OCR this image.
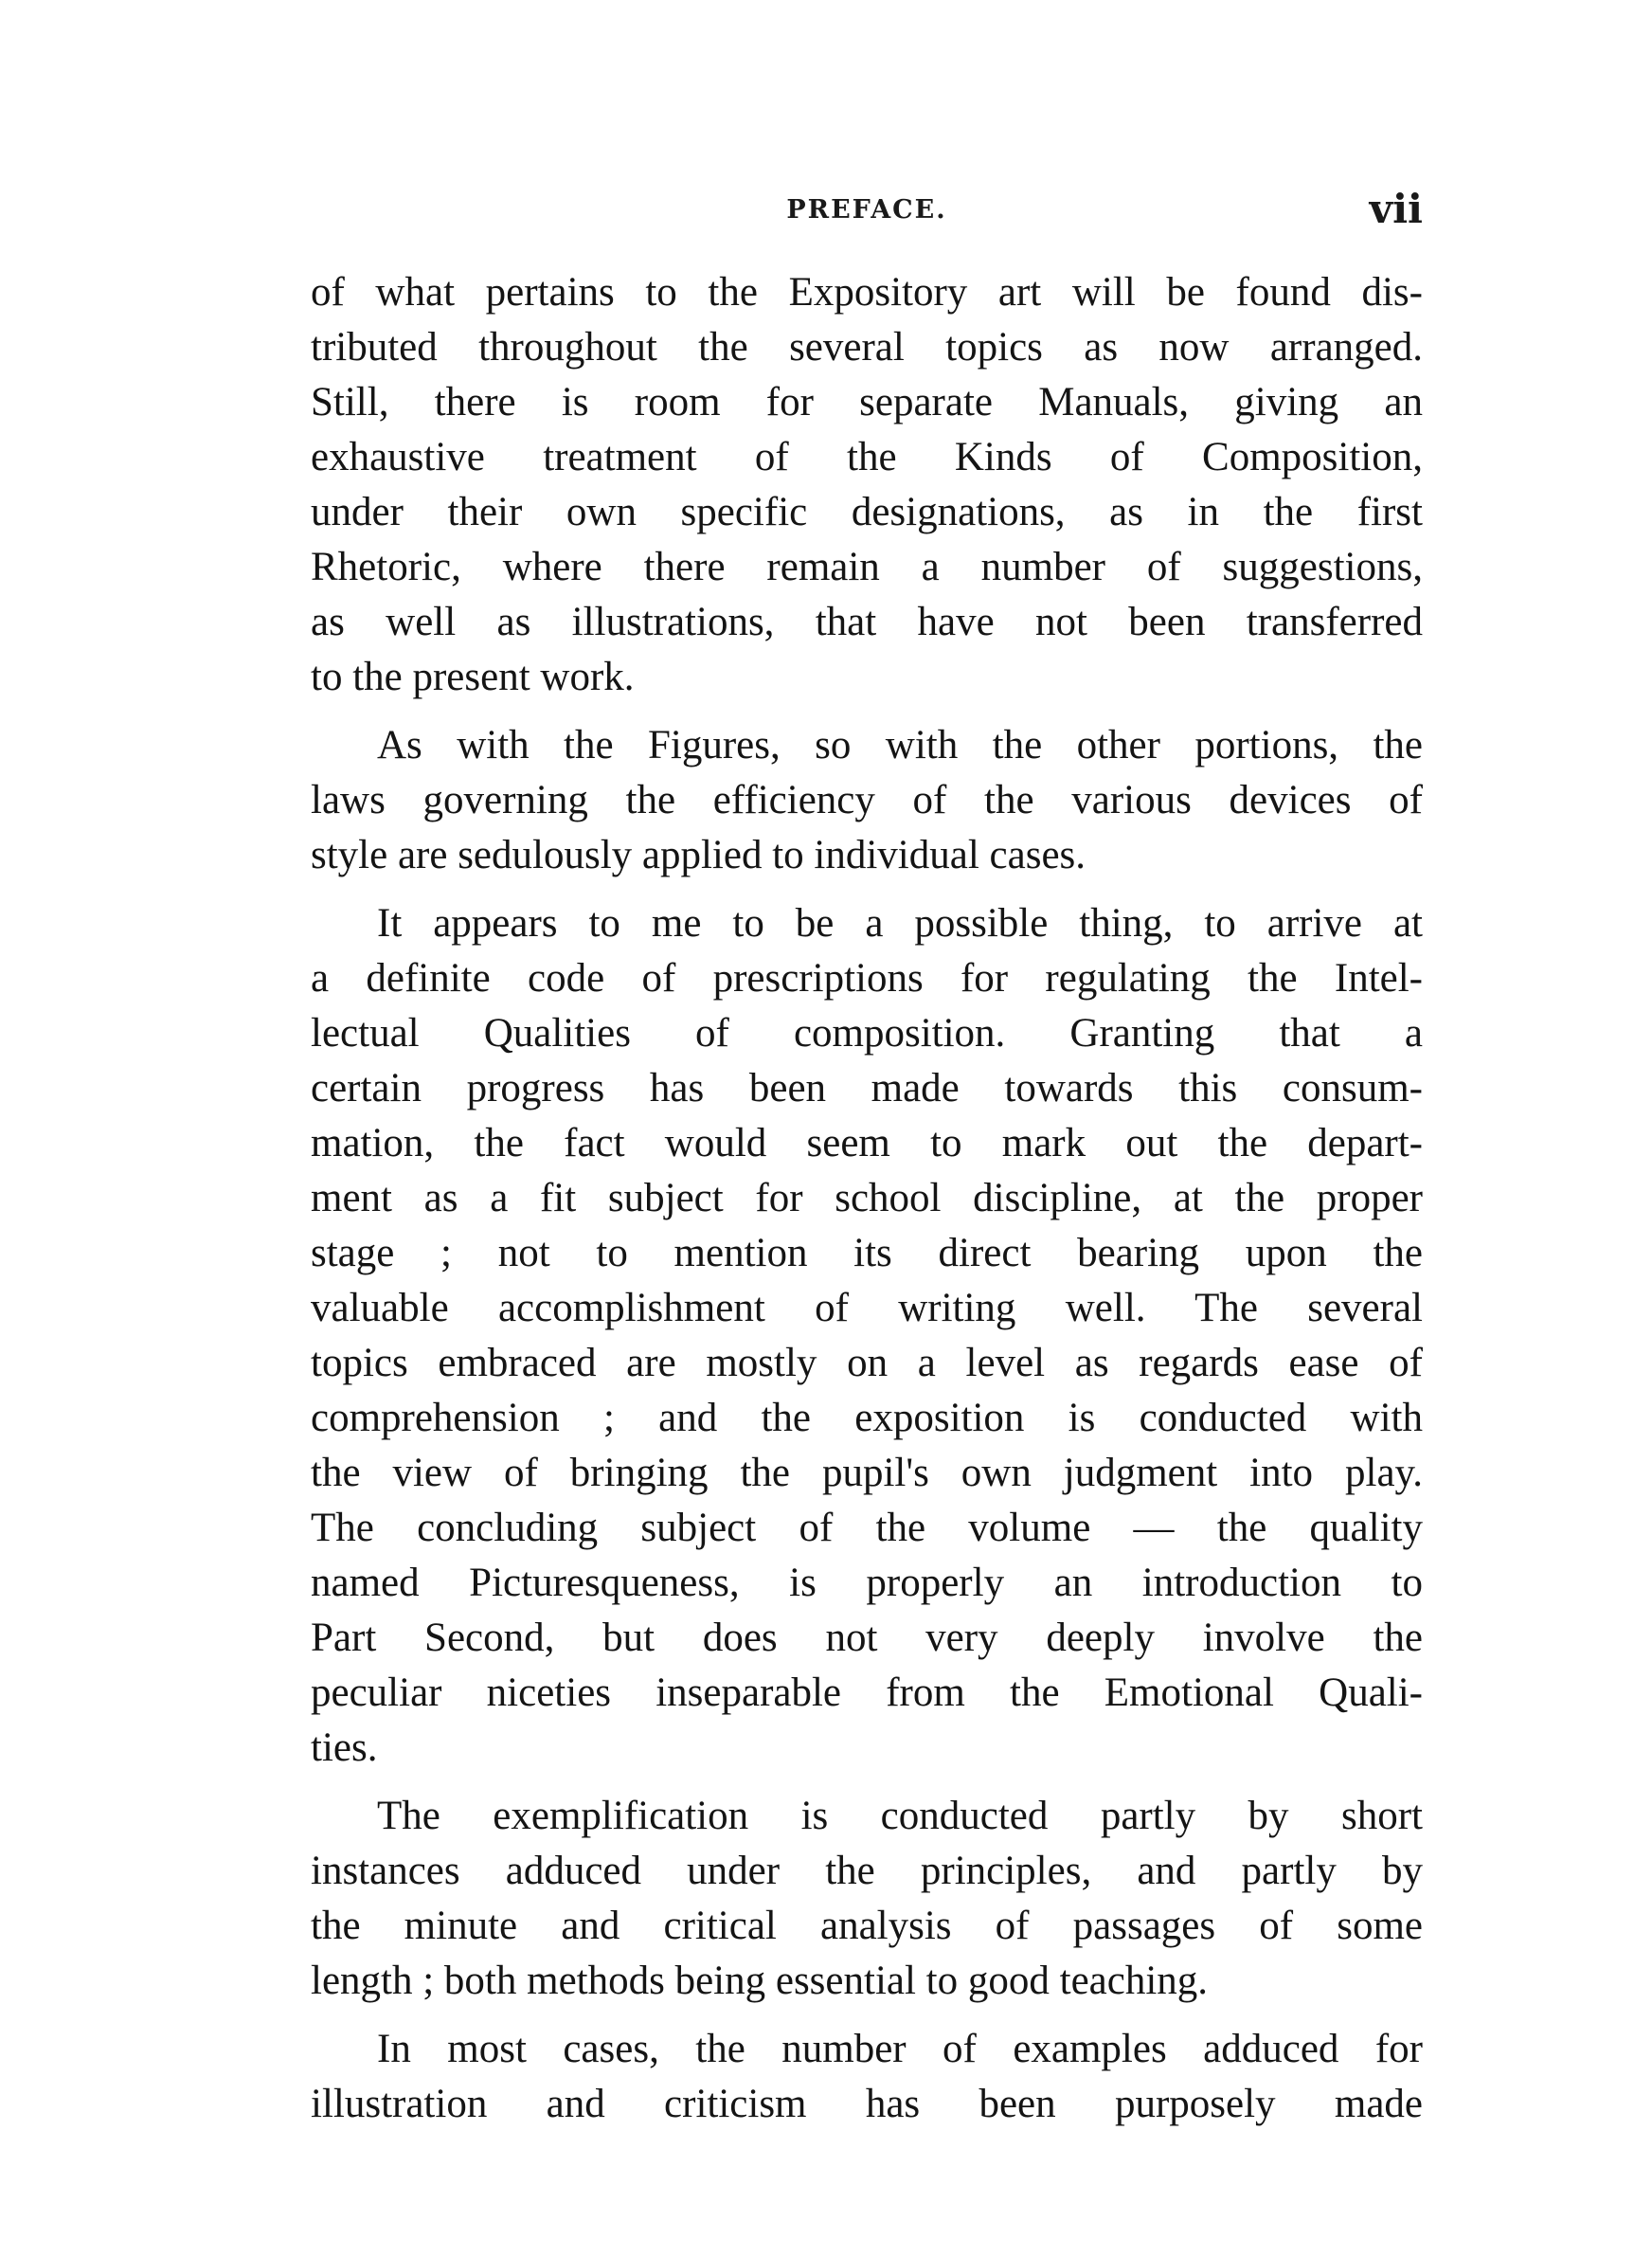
PREFACE.	vii
of what pertains to the Expository art will be found dis-
tributed throughout the several topics as now arranged.
Still, there is room for separate Manuals, giving an
exhaustive treatment of the Kinds of Composition,
under their own specific designations, as in the first
Rhetoric, where there remain a number of suggestions,
as well as illustrations, that have not been transferred
to the present work.
As with the Figures, so with the other portions, the
laws governing the efficiency of the various devices of
style are sedulously applied to individual cases.
It appears to me to be a possible thing, to arrive at
a definite code of prescriptions for regulating the Intel-
lectual Qualities of composition. Granting that a
certain progress has been made towards this consum-
mation, the fact would seem to mark out the depart-
ment as a fit subject for school discipline, at the proper
stage ; not to mention its direct bearing upon the
valuable accomplishment of writing well. The several
topics embraced are mostly on a level as regards ease of
comprehension ; and the exposition is conducted with
the view of bringing the pupil's own judgment into play.
The concluding subject of the volume — the quality
named Picturesqueness, is properly an introduction to
Part Second, but does not very deeply involve the
peculiar niceties inseparable from the Emotional Quali-
ties.
The exemplification is conducted partly by short
instances adduced under the principles, and partly by
the minute and critical analysis of passages of some
length ; both methods being essential to good teaching.
In most cases, the number of examples adduced for
illustration and criticism has been purposely made
